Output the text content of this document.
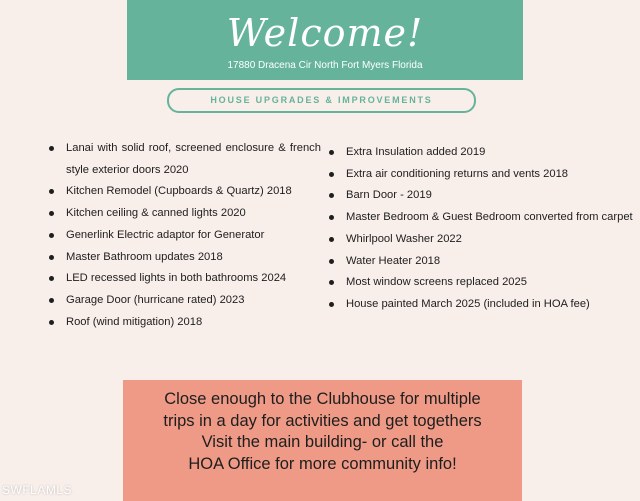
Welcome!
17880 Dracena Cir North Fort Myers Florida
HOUSE UPGRADES & IMPROVEMENTS
Lanai with solid roof, screened enclosure & french style exterior doors 2020
Kitchen Remodel (Cupboards & Quartz) 2018
Kitchen ceiling & canned lights 2020
Generlink Electric adaptor for Generator
Master Bathroom updates 2018
LED recessed lights in both bathrooms 2024
Garage Door (hurricane rated) 2023
Roof (wind mitigation) 2018
Extra Insulation added 2019
Extra air conditioning returns and vents 2018
Barn Door - 2019
Master Bedroom & Guest Bedroom converted from carpet
Whirlpool Washer 2022
Water Heater 2018
Most window screens replaced 2025
House painted March 2025 (included in HOA fee)
Close enough to the Clubhouse for multiple
trips in a day for activities and get togethers
Visit the main building- or call the
HOA Office for more community info!
SWFLAMLS
